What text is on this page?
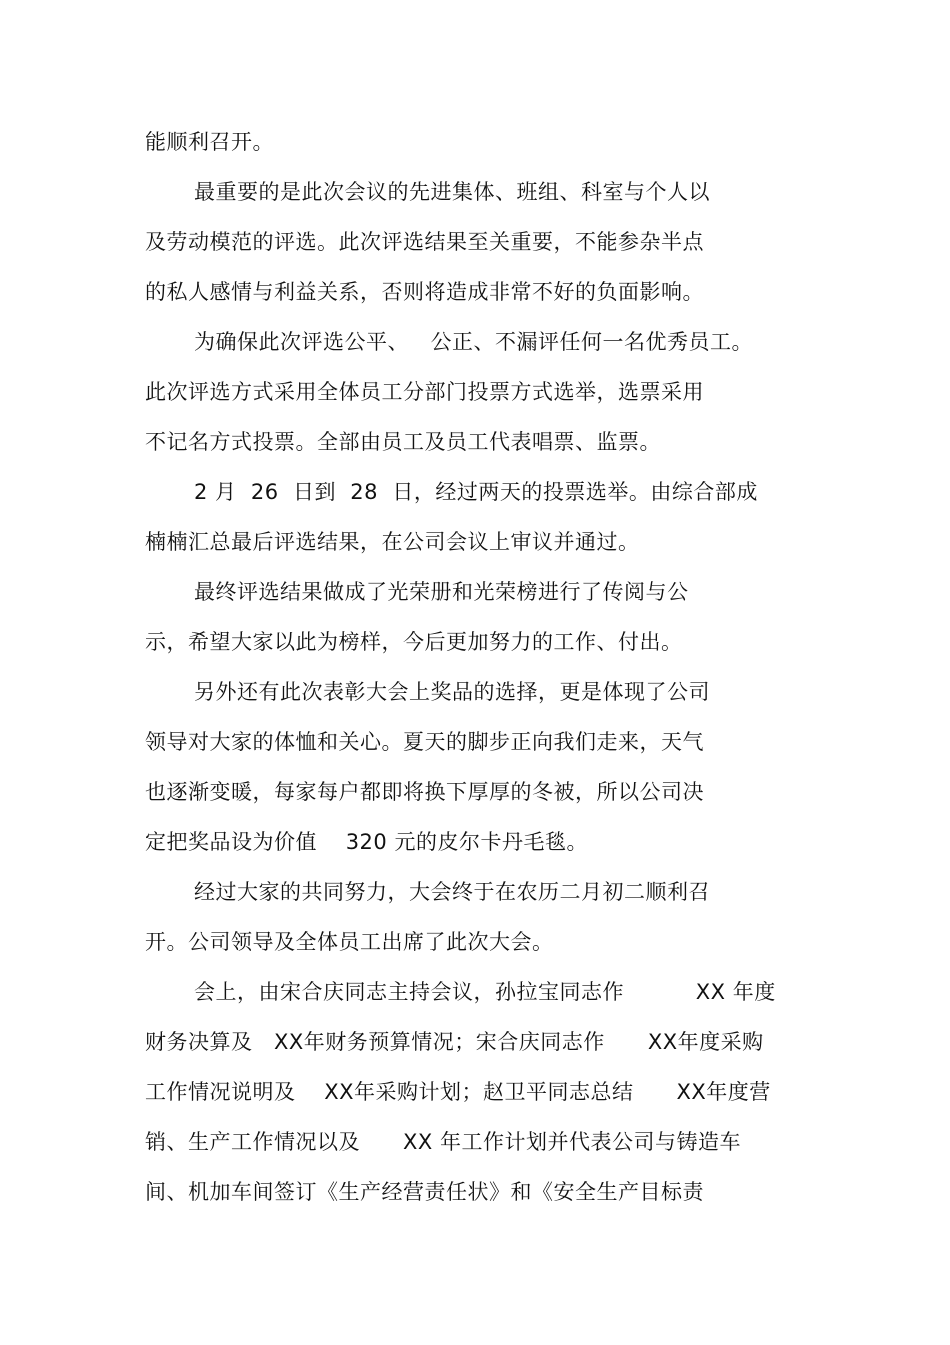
能顺利召开。
最重要的是此次会议的先进集体、班组、科室与个人以
及劳动模范的评选。此次评选结果至关重要，不能参杂半点
的私人感情与利益关系，否则将造成非常不好的负面影响。
为确保此次评选公平、   公正、不漏评任何一名优秀员工。
此次评选方式采用全体员工分部门投票方式选举，选票采用
不记名方式投票。全部由员工及员工代表唱票、监票。
2 月  26  日到  28  日，经过两天的投票选举。由综合部成
楠楠汇总最后评选结果，在公司会议上审议并通过。
最终评选结果做成了光荣册和光荣榜进行了传阅与公
示，希望大家以此为榜样，今后更加努力的工作、付出。
另外还有此次表彰大会上奖品的选择，更是体现了公司
领导对大家的体恤和关心。夏天的脚步正向我们走来，天气
也逐渐变暖，每家每户都即将换下厚厚的冬被，所以公司决
定把奖品设为价值    320 元的皮尔卡丹毛毯。
经过大家的共同努力，大会终于在农历二月初二顺利召
开。公司领导及全体员工出席了此次大会。
会上，由宋合庆同志主持会议，孙拉宝同志作          XX 年度
财务决算及   XX年财务预算情况；宋合庆同志作      XX年度采购
工作情况说明及    XX年采购计划；赵卫平同志总结      XX年度营
销、生产工作情况以及      XX 年工作计划并代表公司与铸造车
间、机加车间签订《生产经营责任状》和《安全生产目标责
